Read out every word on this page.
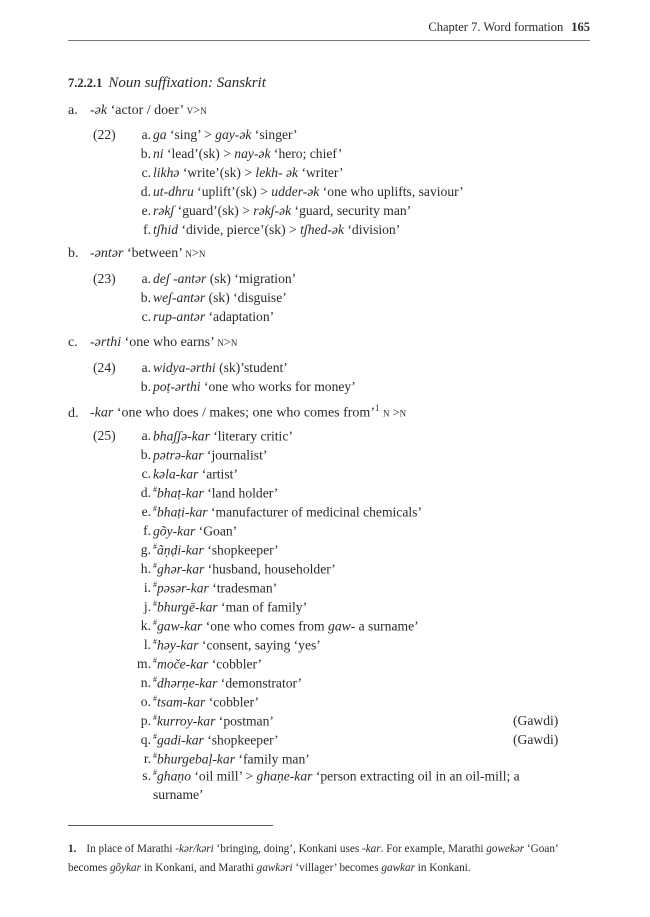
Chapter 7. Word formation 165
7.2.2.1 Noun suffixation: Sanskrit
a. -ək ‘actor / doer’ v>n
(22)	a. ga ‘sing’ > gay-ək ‘singer’
b. ni ‘lead’(sk) > nay-ək ‘hero; chief’
c. likhə ‘write’(sk) > lekh- ək ‘writer’
d. ut-dhru ‘uplift’(sk) > udder-ək ‘one who uplifts, saviour’
e. rəkʃ ‘guard’(sk) > rəkʃ-ək ‘guard, security man’
f. tʃhid ‘divide, pierce’(sk) > tʃhed-ək ‘division’
b. -əntər ‘between’ n>n
(23)	a. deʃ -antər (sk) ‘migration’
b. weʃ-antər (sk) ‘disguise’
c. rup-antər ‘adaptation’
c. -ərthi ‘one who earns’ n>n
(24)	a. widya-ərthi (sk)’student’
b. poṭ-ərthi ‘one who works for money’
d. -kar ‘one who does / makes; one who comes from’$^1$ n >n
(25)	a. bhaʃʃə-kar ‘literary critic’
b. pətrə-kar ‘journalist’
c. kəla-kar ‘artist’
d. #bhaṭ-kar ‘land holder’
e. #bhaṭi-kar ‘manufacturer of medicinal chemicals’
f. gõy-kar ‘Goan’
g. #ãṇḍi-kar ‘shopkeeper’
h. #ghər-kar ‘husband, householder’
i. #pəsər-kar ‘tradesman’
j. #bhurgē-kar ‘man of family’
k. #gaw-kar ‘one who comes from gaw- a surname’
l. #həy-kar ‘consent, saying ‘yes’
m. #moče-kar ‘cobbler’
n. #dhərṇe-kar ‘demonstrator’
o. #tsam-kar ‘cobbler’
p. #kurroy-kar ‘postman’	(Gawdi)
q. #gadi-kar ‘shopkeeper’	(Gawdi)
r. #bhurgebaḷ-kar ‘family man’
s. #ghaṇo ‘oil mill’ > ghaṇe-kar ‘person extracting oil in an oil-mill; a
surname’
1. In place of Marathi -kər/kəri ‘bringing, doing’, Konkani uses -kar. For example, Marathi gowekər ‘Goan’ becomes gõykar in Konkani, and Marathi gawkəri ‘villager’ becomes gawkar in Konkani.
